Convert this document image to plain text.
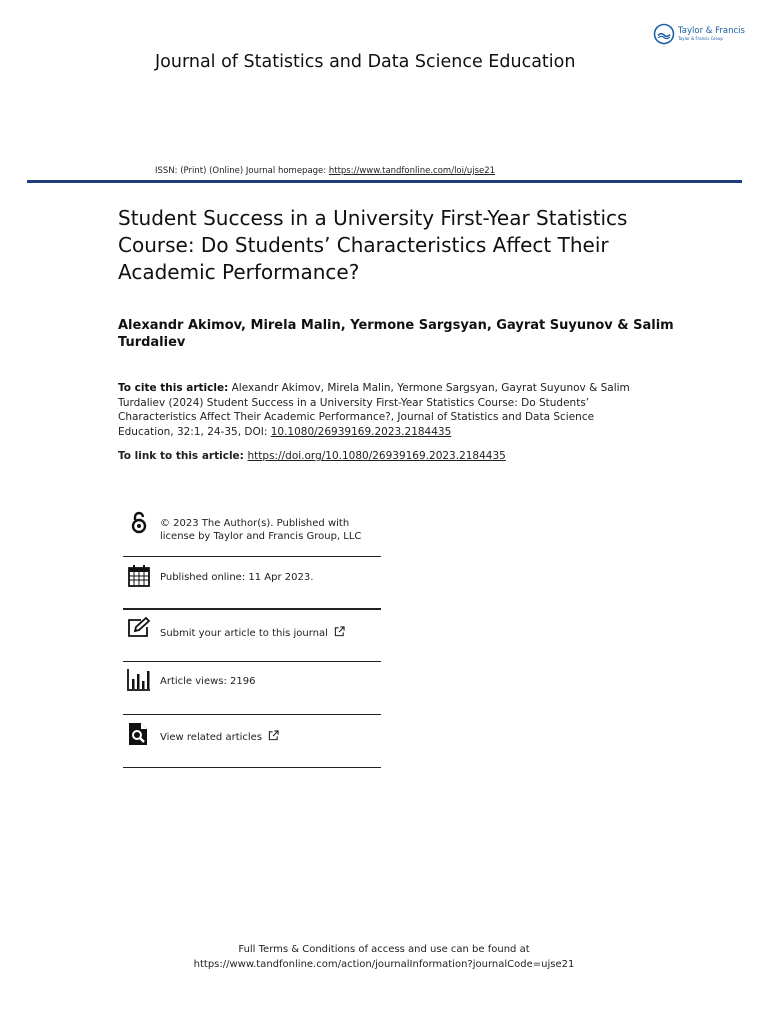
Taylor & Francis
Taylor & Francis Group
Journal of Statistics and Data Science Education
ISSN: (Print) (Online) Journal homepage: https://www.tandfonline.com/loi/ujse21
Student Success in a University First-Year Statistics Course: Do Students’ Characteristics Affect Their Academic Performance?
Alexandr Akimov, Mirela Malin, Yermone Sargsyan, Gayrat Suyunov & Salim Turdaliev
To cite this article: Alexandr Akimov, Mirela Malin, Yermone Sargsyan, Gayrat Suyunov & Salim Turdaliev (2024) Student Success in a University First-Year Statistics Course: Do Students’ Characteristics Affect Their Academic Performance?, Journal of Statistics and Data Science Education, 32:1, 24-35, DOI: 10.1080/26939169.2023.2184435
To link to this article: https://doi.org/10.1080/26939169.2023.2184435
© 2023 The Author(s). Published with
license by Taylor and Francis Group, LLC
Published online: 11 Apr 2023.
Submit your article to this journal
Article views: 2196
View related articles
Full Terms & Conditions of access and use can be found at
https://www.tandfonline.com/action/journalInformation?journalCode=ujse21
